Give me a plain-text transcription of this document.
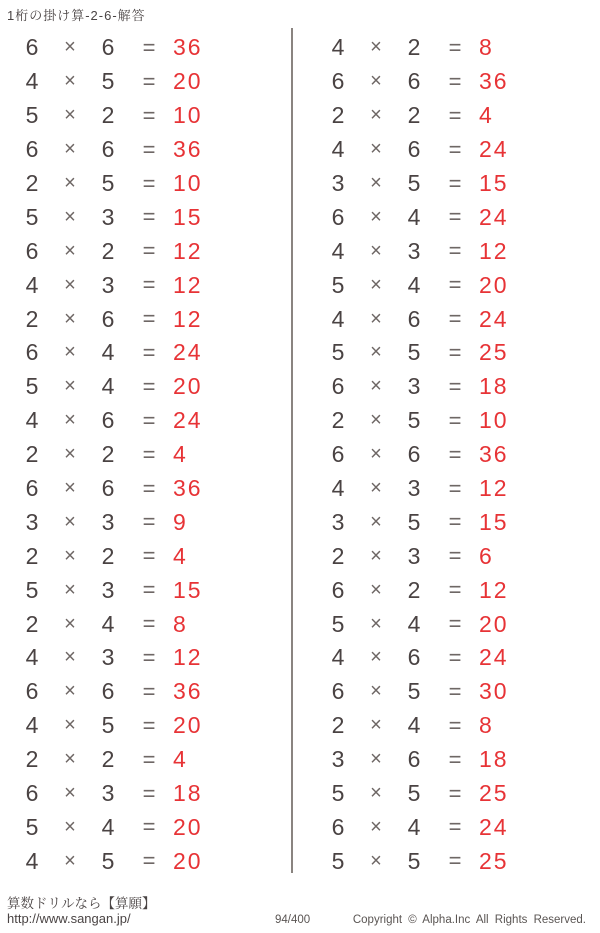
1桁の掛け算-2-6-解答
6	×	6	= 36
4	×	5	= 20
5	×	2	= 10
6	×	6	= 36
2	×	5	= 10
5	×	3	= 15
6	×	2	= 12
4	×	3	= 12
2	×	6	= 12
6	×	4	= 24
5	×	4	= 20
4	×	6	= 24
2	×	2	= 4
6	×	6	= 36
3	×	3	= 9
2	×	2	= 4
5	×	3	= 15
2	×	4	= 8
4	×	3	= 12
6	×	6	= 36
4	×	5	= 20
2	×	2	= 4
6	×	3	= 18
5	×	4	= 20
4	×	5	= 20
4	×	2	= 8
6	×	6	= 36
2	×	2	= 4
4	×	6	= 24
3	×	5	= 15
6	×	4	= 24
4	×	3	= 12
5	×	4	= 20
4	×	6	= 24
5	×	5	= 25
6	×	3	= 18
2	×	5	= 10
6	×	6	= 36
4	×	3	= 12
3	×	5	= 15
2	×	3	= 6
6	×	2	= 12
5	×	4	= 20
4	×	6	= 24
6	×	5	= 30
2	×	4	= 8
3	×	6	= 18
5	×	5	= 25
6	×	4	= 24
5	×	5	= 25
算数ドリルなら【算願】
http://www.sangan.jp/	94/400	Copyright © Alpha.Inc All Rights Reserved.
